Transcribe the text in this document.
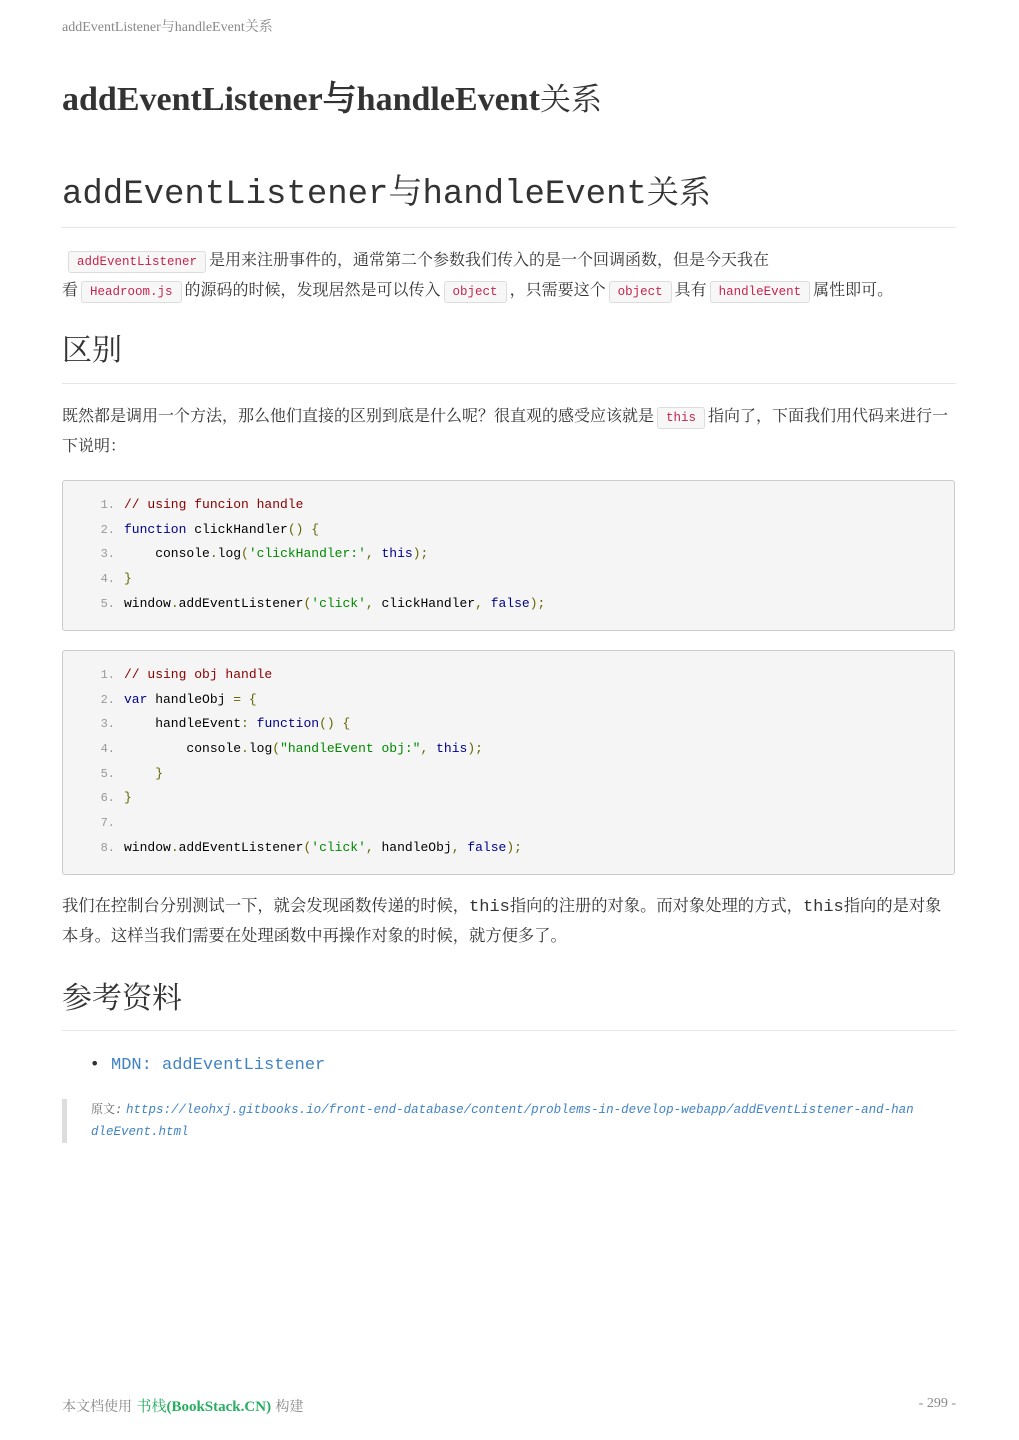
addEventListener与handleEvent关系
addEventListener与handleEvent关系
addEventListener与handleEvent关系

addEventListener 是用来注册事件的，通常第二个参数我们传入的是一个回调函数，但是今天我在
看 Headroom.js 的源码的时候，发现居然是可以传入 object ，只需要这个 object 具有 handleEvent 属性即可。

区别

既然都是调用一个方法，那么他们直接的区别到底是什么呢？很直观的感受应该就是 this 指向了，下面我们用代码来进行一下说明：

1. // using funcion handle
2. function clickHandler() {
3.    console.log('clickHandler:', this);
4. }
5. window.addEventListener('click', clickHandler, false);
1. // using obj handle
2. var handleObj = {
3.    handleEvent: function() {
4.        console.log("handleEvent obj:", this);
5.    }
6. }
7.
8. window.addEventListener('click', handleObj, false);

我们在控制台分别测试一下，就会发现函数传递的时候，this指向的注册的对象。而对象处理的方式，this指向的是对象本身。这样当我们需要在处理函数中再操作对象的时候，就方便多了。

参考资料
• MDN: addEventListener
原文: https://leohxj.gitbooks.io/front-end-database/content/problems-in-develop-webapp/addEventListener-and-handleEvent.html
本文档使用 书栈(BookStack.CN) 构建	- 299 -
